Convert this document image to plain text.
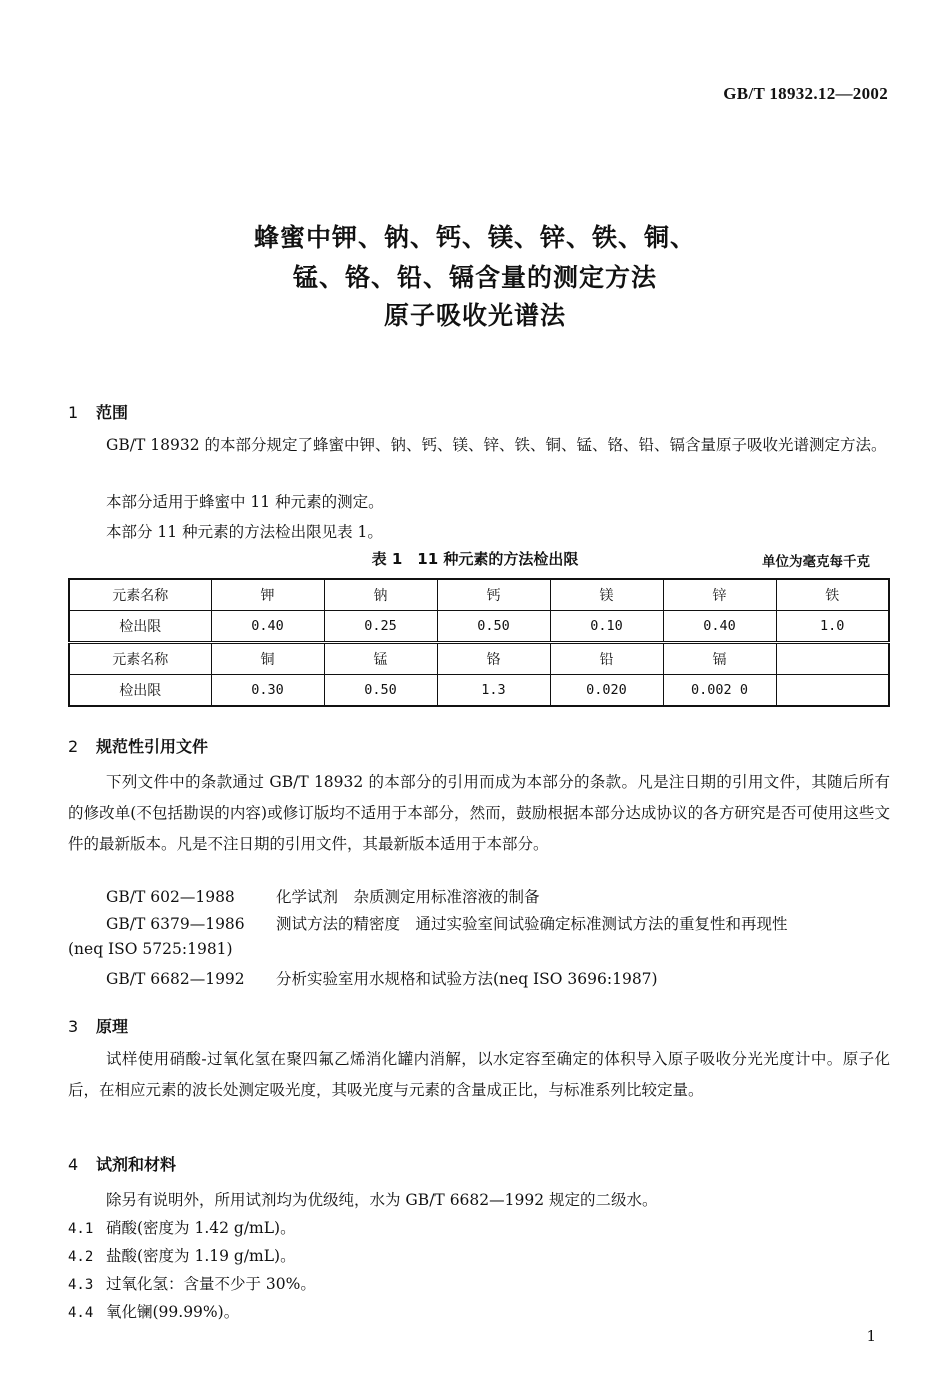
GB/T 18932.12—2002
蜂蜜中钾、钠、钙、镁、锌、铁、铜、
锰、铬、铅、镉含量的测定方法
原子吸收光谱法
1 范围

GB/T 18932 的本部分规定了蜂蜜中钾、钠、钙、镁、锌、铁、铜、锰、铬、铅、镉含量原子吸收光谱测定方法。

本部分适用于蜂蜜中 11 种元素的测定。
本部分 11 种元素的方法检出限见表 1。
表 1　11 种元素的方法检出限	单位为毫克每千克
元素名称	钾	钠	钙	镁	锌	铁
检出限	0.40	0.25	0.50	0.10	0.40	1.0
元素名称	铜	锰	铬	铅	镉	
检出限	0.30	0.50	1.3	0.020	0.002 0	
2 规范性引用文件

下列文件中的条款通过 GB/T 18932 的本部分的引用而成为本部分的条款。凡是注日期的引用文件，其随后所有的修改单(不包括勘误的内容)或修订版均不适用于本部分，然而，鼓励根据本部分达成协议的各方研究是否可使用这些文件的最新版本。凡是不注日期的引用文件，其最新版本适用于本部分。

GB/T 602—1988	化学试剂　杂质测定用标准溶液的制备
GB/T 6379—1986 测试方法的精密度　通过实验室间试验确定标准测试方法的重复性和再现性
(neq ISO 5725:1981)
GB/T 6682—1992 分析实验室用水规格和试验方法(neq ISO 3696:1987)
3 原理

试样使用硝酸-过氧化氢在聚四氟乙烯消化罐内消解，以水定容至确定的体积导入原子吸收分光光度计中。原子化后，在相应元素的波长处测定吸光度，其吸光度与元素的含量成正比，与标准系列比较定量。

4 试剂和材料
除另有说明外，所用试剂均为优级纯，水为 GB/T 6682—1992 规定的二级水。
4.1 硝酸(密度为 1.42 g/mL)。
4.2 盐酸(密度为 1.19 g/mL)。
4.3 过氧化氢：含量不少于 30%。
4.4 氧化镧(99.99%)。
1
